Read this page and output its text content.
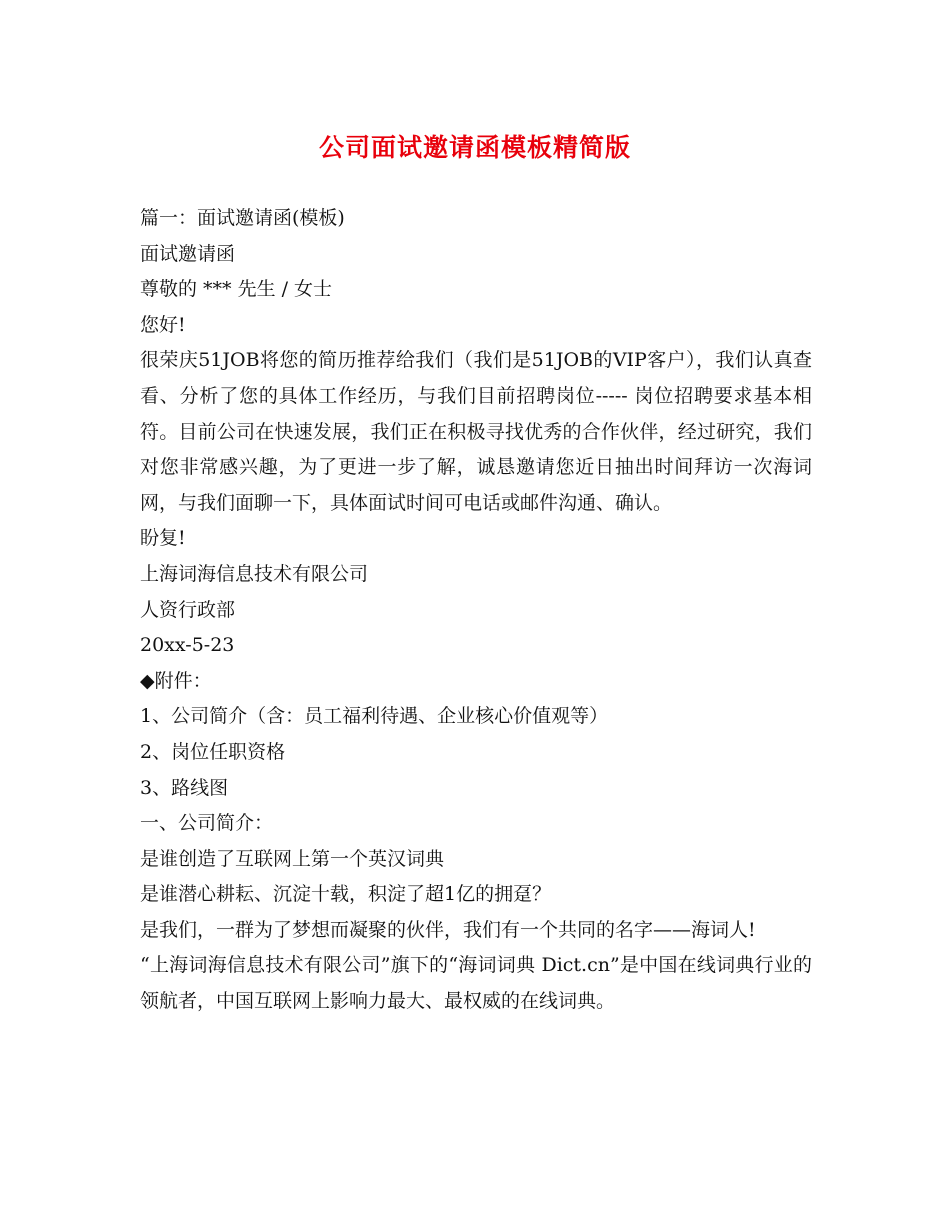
公司面试邀请函模板精简版
篇一：面试邀请函(模板)
面试邀请函
尊敬的 *** 先生 / 女士
您好!
很荣庆51JOB将您的简历推荐给我们（我们是51JOB的VIP客户），我们认真查看、分析了您的具体工作经历，与我们目前招聘岗位----- 岗位招聘要求基本相符。目前公司在快速发展，我们正在积极寻找优秀的合作伙伴，经过研究，我们对您非常感兴趣，为了更进一步了解，诚恳邀请您近日抽出时间拜访一次海词网，与我们面聊一下，具体面试时间可电话或邮件沟通、确认。
盼复!
上海词海信息技术有限公司
人资行政部
20xx-5-23
◆附件：
1、公司简介（含：员工福利待遇、企业核心价值观等）
2、岗位任职资格
3、路线图
一、公司简介：
是谁创造了互联网上第一个英汉词典
是谁潜心耕耘、沉淀十载，积淀了超1亿的拥趸？
是我们，一群为了梦想而凝聚的伙伴，我们有一个共同的名字——海词人!
“上海词海信息技术有限公司”旗下的“海词词典 Dict.cn”是中国在线词典行业的领航者，中国互联网上影响力最大、最权威的在线词典。
